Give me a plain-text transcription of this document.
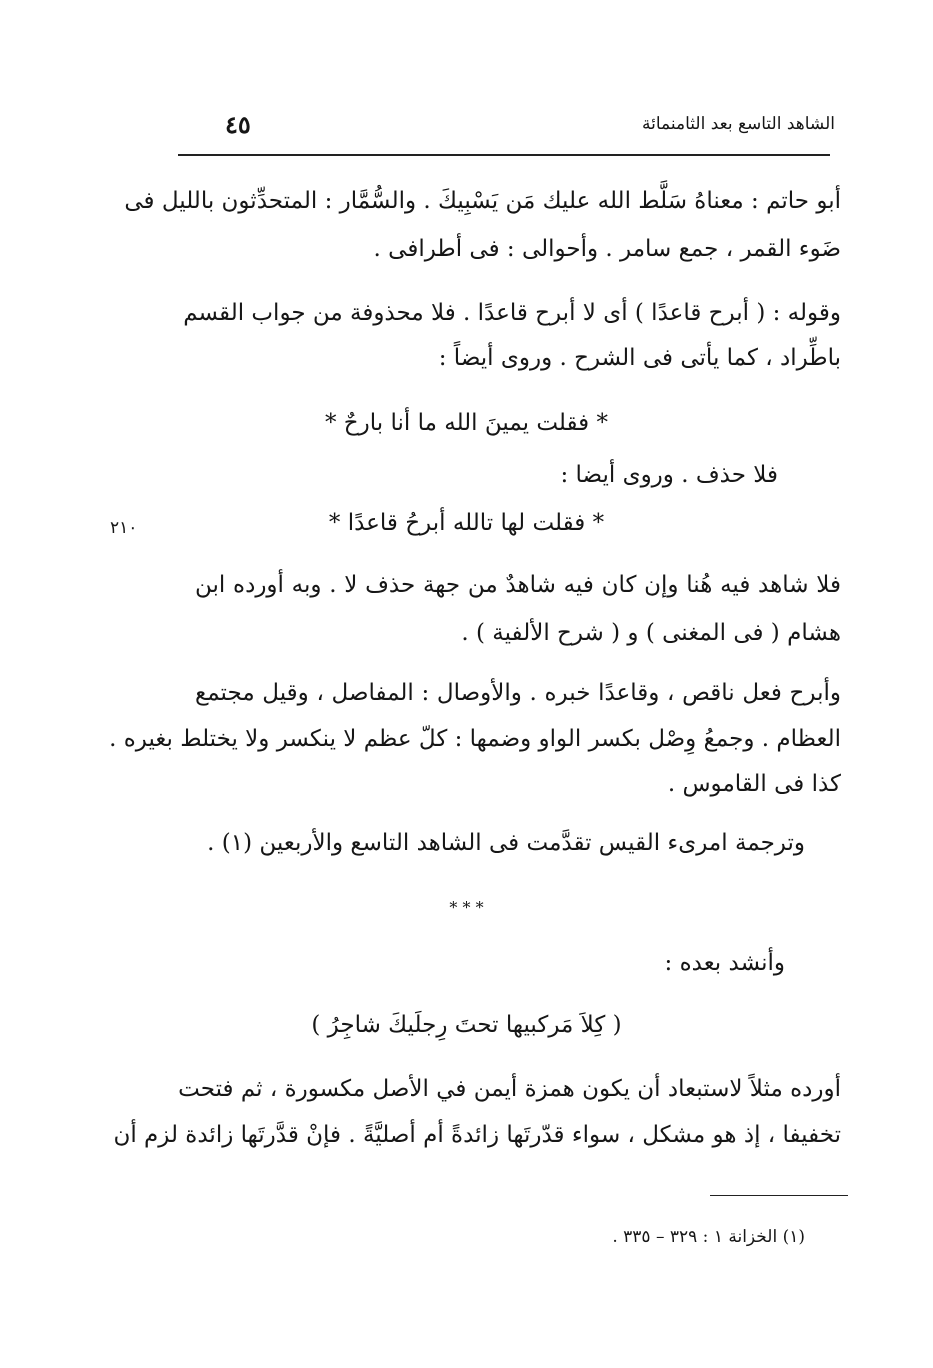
الشاهد التاسع بعد الثامنمائة
٤٥
٢١٠
أبو حاتم : معناهُ سَلَّط الله عليك مَن يَسْبِيكَ . والسُّمَّار : المتحدِّثون بالليل فى
ضَوء القمر ، جمع سامر . وأحوالى : فى أطرافى .
وقوله : ( أبرح قاعدًا ) أى لا أبرح قاعدًا . فلا محذوفة من جواب القسم
باطِّراد ، كما يأتى فى الشرح . وروى أيضاً :
* فقلت يمينَ الله ما أنا بارحٌ *
فلا حذف . وروى أيضا :
* فقلت لها تالله أبرحُ قاعدًا *
فلا شاهد فيه هُنا وإن كان فيه شاهدٌ من جهة حذف لا . وبه أورده ابن
هشام ( فى المغنى ) و ( شرح الألفية ) .
وأبرح فعل ناقص ، وقاعدًا خبره . والأوصال : المفاصل ، وقيل مجتمع
العظام . وجمعُ وِصْل بكسر الواو وضمها : كلّ عظم لا ينكسر ولا يختلط بغيره .
كذا فى القاموس .
وترجمة امرىء القيس تقدَّمت فى الشاهد التاسع والأربعين (١) .
* * *
وأنشد بعده :
( كِلاَ مَركبيها تحتَ رِجلَيكَ شاجِرُ )
أورده مثلاً لاستبعاد أن يكون همزة أيمن في الأصل مكسورة ، ثم فتحت
تخفيفا ، إذ هو مشكل ، سواء قدّرتَها زائدةً أم أصليَّةً . فإنْ قدَّرتَها زائدة لزم أن
(١) الخزانة ١ : ٣٢٩ – ٣٣٥ .
